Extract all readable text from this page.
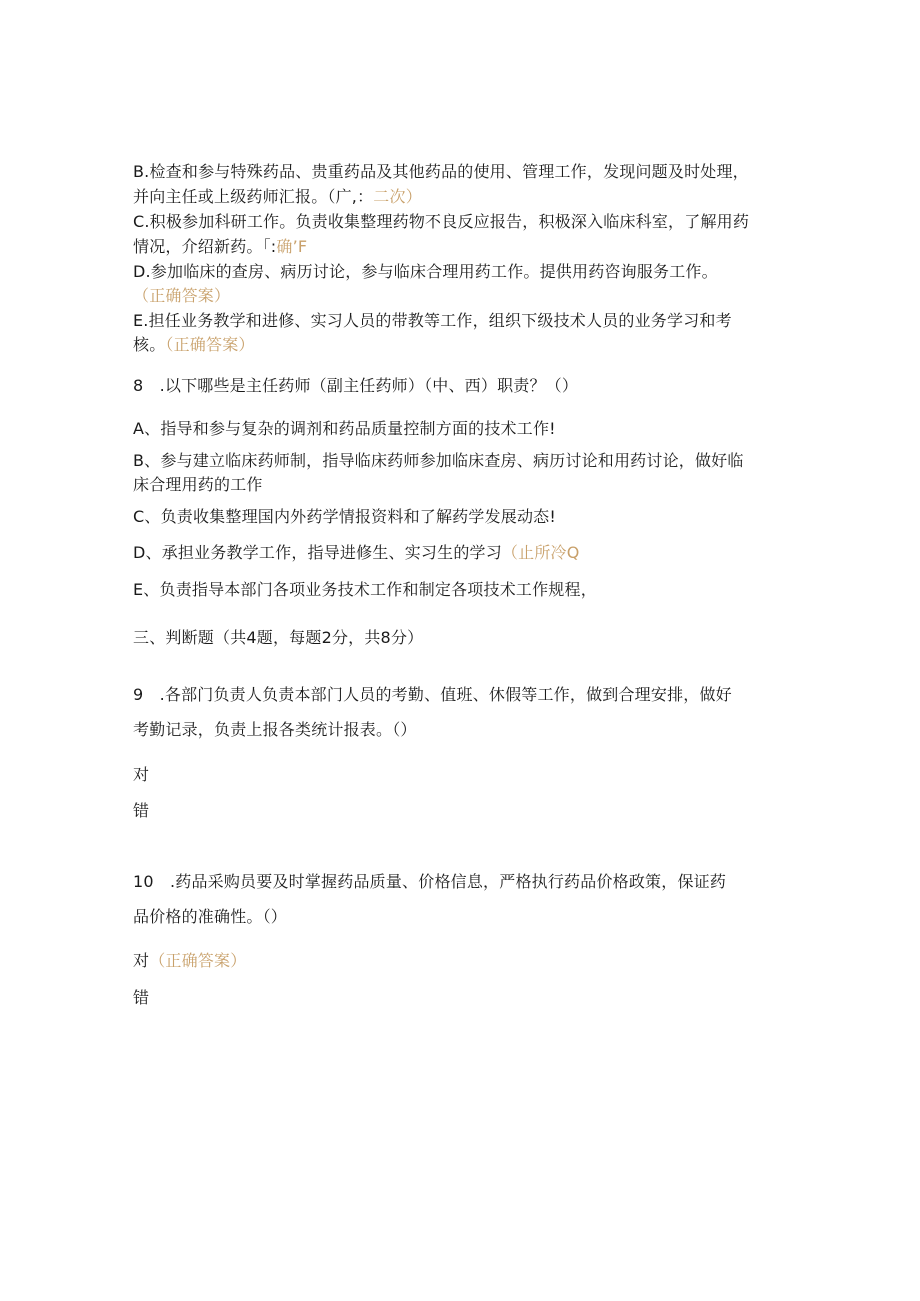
B.检查和参与特殊药品、贵重药品及其他药品的使用、管理工作，发现问题及时处理，
并向主任或上级药师汇报。（广,：二次）
C.积极参加科研工作。负责收集整理药物不良反应报告，积极深入临床科室，了解用药
情况，介绍新药。「:确’F
D.参加临床的查房、病历讨论，参与临床合理用药工作。提供用药咨询服务工作。
（正确答案）
E.担任业务教学和进修、实习人员的带教等工作，组织下级技术人员的业务学习和考
核。（正确答案）
8　.以下哪些是主任药师（副主任药师）（中、西）职责？（）
A、指导和参与复杂的调剂和药品质量控制方面的技术工作!
B、参与建立临床药师制，指导临床药师参加临床查房、病历讨论和用药讨论，做好临
床合理用药的工作
C、负责收集整理国内外药学情报资料和了解药学发展动态!
D、承担业务教学工作，指导进修生、实习生的学习（止所冷Q
E、负责指导本部门各项业务技术工作和制定各项技术工作规程，
三、判断题（共4题，每题2分，共8分）
9　.各部门负责人负责本部门人员的考勤、值班、休假等工作，做到合理安排，做好
考勤记录，负责上报各类统计报表。（）
对
错
10　.药品采购员要及时掌握药品质量、价格信息，严格执行药品价格政策，保证药
品价格的准确性。（）
对（正确答案）
错
